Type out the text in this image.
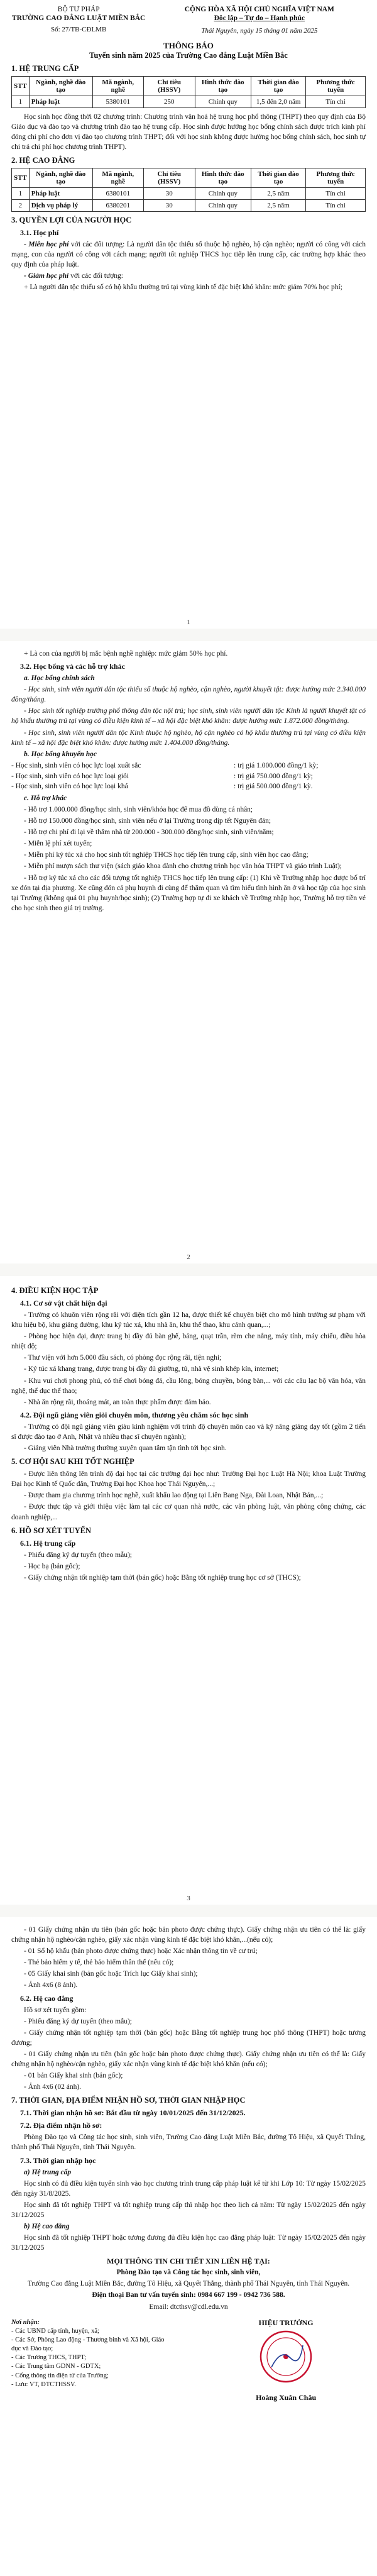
BỘ TƯ PHÁP
TRƯỜNG CAO ĐẲNG LUẬT MIỀN BẮC
Số: 27/TB-CĐLMB
CỘNG HÒA XÃ HỘI CHỦ NGHĨA VIỆT NAM
Độc lập – Tự do – Hạnh phúc
Thái Nguyên, ngày 15 tháng 01 năm 2025
THÔNG BÁO
Tuyển sinh năm 2025 của Trường Cao đẳng Luật Miền Bắc
1. HỆ TRUNG CẤP
STT	Ngành, nghề đào tạo	Mã ngành, nghề	Chỉ tiêu (HSSV)	Hình thức đào tạo	Thời gian đào tạo	Phương thức tuyển
1	Pháp luật	5380101	250	Chính quy	1,5 đến 2,0 năm	Tín chỉ

Học sinh học đồng thời 02 chương trình: Chương trình văn hoá hệ trung học phổ thông (THPT) theo quy định của Bộ Giáo dục và đào tạo và chương trình đào tạo hệ trung cấp. Học sinh được hưởng học bổng chính sách được trích kinh phí đóng chi phí cho đơn vị đào tạo chương trình THPT; đối với học sinh không được hưởng học bổng chính sách, học sinh tự chi trả chi phí học chương trình THPT).

2. HỆ CAO ĐẲNG
STT	Ngành, nghề đào tạo	Mã ngành, nghề	Chỉ tiêu (HSSV)	Hình thức đào tạo	Thời gian đào tạo	Phương thức tuyển
1	Pháp luật	6380101	30	Chính quy	2,5 năm	Tín chỉ
2	Dịch vụ pháp lý	6380201	30	Chính quy	2,5 năm	Tín chỉ
3. QUYỀN LỢI CỦA NGƯỜI HỌC
3.1. Học phí

- Miễn học phí với các đối tượng: Là người dân tộc thiểu số thuộc hộ nghèo, hộ cận nghèo; người có công với cách mạng, con của người có công với cách mạng; người tốt nghiệp THCS học tiếp lên trung cấp, các trường hợp khác theo quy định của pháp luật.

- Giảm học phí với các đối tượng:

+ Là người dân tộc thiểu số có hộ khẩu thường trú tại vùng kinh tế đặc biệt khó khăn: mức giảm 70% học phí;

1

+ Là con của người bị mắc bệnh nghề nghiệp: mức giảm 50% học phí.

3.2. Học bổng và các hỗ trợ khác

a. Học bổng chính sách

- Học sinh, sinh viên người dân tộc thiểu số thuộc hộ nghèo, cận nghèo, người khuyết tật: được hưởng mức 2.340.000 đồng/tháng.

- Học sinh tốt nghiệp trường phổ thông dân tộc nội trú; học sinh, sinh viên người dân tộc Kinh là người khuyết tật có hộ khẩu thường trú tại vùng có điều kiện kinh tế – xã hội đặc biệt khó khăn: được hưởng mức 1.872.000 đồng/tháng.

- Học sinh, sinh viên người dân tộc Kinh thuộc hộ nghèo, hộ cận nghèo có hộ khẩu thường trú tại vùng có điều kiện kinh tế – xã hội đặc biệt khó khăn: được hưởng mức 1.404.000 đồng/tháng.

b. Học bổng khuyến học

- Học sinh, sinh viên có học lực loại xuất sắc	: trị giá 1.000.000 đồng/1 kỳ;
- Học sinh, sinh viên có học lực loại giỏi	: trị giá 750.000 đồng/1 kỳ;
- Học sinh, sinh viên có học lực loại khá	: trị giá 500.000 đồng/1 kỳ.

c. Hỗ trợ khác

- Hỗ trợ 1.000.000 đồng/học sinh, sinh viên/khóa học để mua đồ dùng cá nhân;

- Hỗ trợ 150.000 đồng/học sinh, sinh viên nếu ở lại Trường trong dịp tết Nguyên đán;

- Hỗ trợ chi phí đi lại về thăm nhà từ 200.000 - 300.000 đồng/học sinh, sinh viên/năm;

- Miễn lệ phí xét tuyển;

- Miễn phí ký túc xá cho học sinh tốt nghiệp THCS học tiếp lên trung cấp, sinh viên học cao đẳng;

- Miễn phí mượn sách thư viện (sách giáo khoa dành cho chương trình học văn hóa THPT và giáo trình Luật);

- Hỗ trợ ký túc xá cho các đối tượng tốt nghiệp THCS học tiếp lên trung cấp: (1) Khi về Trường nhập học được bố trí xe đón tại địa phương. Xe cũng đón cả phụ huynh đi cùng để thăm quan và tìm hiểu tình hình ăn ở và học tập của học sinh tại Trường (không quá 01 phụ huynh/học sinh); (2) Trường hợp tự đi xe khách về Trường nhập học, Trường hỗ trợ tiền vé cho học sinh theo giá trị trường.

2
4. ĐIỀU KIỆN HỌC TẬP
4.1. Cơ sở vật chất hiện đại

- Trường có khuôn viên rộng rãi với diện tích gần 12 ha, được thiết kế chuyên biệt cho mô hình trường sư phạm với khu hiệu bộ, khu giảng đường, khu ký túc xá, khu nhà ăn, khu thể thao, khu cảnh quan,...;

- Phòng học hiện đại, được trang bị đầy đủ bàn ghế, bảng, quạt trần, rèm che nắng, máy tính, máy chiếu, điều hòa nhiệt độ;

- Thư viện với hơn 5.000 đầu sách, có phòng đọc rộng rãi, tiện nghi;

- Ký túc xá khang trang, được trang bị đầy đủ giường, tủ, nhà vệ sinh khép kín, internet;

- Khu vui chơi phong phú, có thể chơi bóng đá, cầu lông, bóng chuyền, bóng bàn,... với các câu lạc bộ văn hóa, văn nghệ, thể dục thể thao;

- Nhà ăn rộng rãi, thoáng mát, an toàn thực phẩm được đảm bảo.

4.2. Đội ngũ giảng viên giỏi chuyên môn, thương yêu chăm sóc học sinh

- Trường có đội ngũ giảng viên giàu kinh nghiệm với trình độ chuyên môn cao và kỹ năng giảng dạy tốt (gồm 2 tiến sĩ được đào tạo ở Anh, Nhật và nhiều thạc sĩ chuyên ngành);

- Giảng viên Nhà trường thường xuyên quan tâm tận tình tới học sinh.

5. CƠ HỘI SAU KHI TỐT NGHIỆP

- Được liên thông lên trình độ đại học tại các trường đại học như: Trường Đại học Luật Hà Nội; khoa Luật Trường Đại học Kinh tế Quốc dân, Trường Đại học Khoa học Thái Nguyên,...;

- Được tham gia chương trình học nghề, xuất khẩu lao động tại Liên Bang Nga, Đài Loan, Nhật Bản,...;

- Được thực tập và giới thiệu việc làm tại các cơ quan nhà nước, các văn phòng luật, văn phòng công chứng, các doanh nghiệp,...

6. HỒ SƠ XÉT TUYỂN
6.1. Hệ trung cấp

- Phiếu đăng ký dự tuyển (theo mẫu);

- Học bạ (bản gốc);

- Giấy chứng nhận tốt nghiệp tạm thời (bản gốc) hoặc Bằng tốt nghiệp trung học cơ sở (THCS);

3

- 01 Giấy chứng nhận ưu tiên (bản gốc hoặc bản photo được chứng thực). Giấy chứng nhận ưu tiên có thể là: giấy chứng nhận hộ nghèo/cận nghèo, giấy xác nhận vùng kinh tế đặc biệt khó khăn,...(nếu có);

- 01 Sổ hộ khẩu (bản photo được chứng thực) hoặc Xác nhận thông tin về cư trú;

- Thẻ bảo hiểm y tế, thẻ bảo hiểm thân thể (nếu có);

- 05 Giấy khai sinh (bản gốc hoặc Trích lục Giấy khai sinh);

- Ảnh 4x6 (8 ảnh).

6.2. Hệ cao đẳng

Hồ sơ xét tuyển gồm:

- Phiếu đăng ký dự tuyển (theo mẫu);

- Giấy chứng nhận tốt nghiệp tạm thời (bản gốc) hoặc Bằng tốt nghiệp trung học phổ thông (THPT) hoặc tương đương;

- 01 Giấy chứng nhận ưu tiên (bản gốc hoặc bản photo được chứng thực). Giấy chứng nhận ưu tiên có thể là: Giấy chứng nhận hộ nghèo/cận nghèo, giấy xác nhận vùng kinh tế đặc biệt khó khăn (nếu có);

- 01 bản Giấy khai sinh (bản gốc);

- Ảnh 4x6 (02 ảnh).

7. THỜI GIAN, ĐỊA ĐIỂM NHẬN HỒ SƠ, THỜI GIAN NHẬP HỌC
7.1. Thời gian nhận hồ sơ: Bắt đầu từ ngày 10/01/2025 đến 31/12/2025.
7.2. Địa điểm nhận hồ sơ:

Phòng Đào tạo và Công tác học sinh, sinh viên, Trường Cao đẳng Luật Miền Bắc, đường Tô Hiệu, xã Quyết Thắng, thành phố Thái Nguyên, tỉnh Thái Nguyên.

7.3. Thời gian nhập học

a) Hệ trung cấp

Học sinh có đủ điều kiện tuyển sinh vào học chương trình trung cấp pháp luật kể từ khi Lớp 10: Từ ngày 15/02/2025 đến ngày 31/8/2025.

Học sinh đã tốt nghiệp THPT và tốt nghiệp trung cấp thì nhập học theo lịch cả năm: Từ ngày 15/02/2025 đến ngày 31/12/2025

b) Hệ cao đẳng

Học sinh đã tốt nghiệp THPT hoặc tương đương đủ điều kiện học cao đẳng pháp luật: Từ ngày 15/02/2025 đến ngày 31/12/2025

MỌI THÔNG TIN CHI TIẾT XIN LIÊN HỆ TẠI:

Phòng Đào tạo và Công tác học sinh, sinh viên,

Trường Cao đẳng Luật Miền Bắc, đường Tô Hiệu, xã Quyết Thắng, thành phố Thái Nguyên, tỉnh Thái Nguyên.

Điện thoại Ban tư vấn tuyển sinh: 0984 667 199 - 0942 736 588.

Email: dtcthsv@cdl.edu.vn

Nơi nhận:
- Các UBND cấp tỉnh, huyện, xã;
- Các Sở, Phòng Lao động - Thương binh và Xã hội, Giáo dục và Đào tạo;
- Các Trường THCS, THPT;
- Các Trung tâm GDNN - GDTX;
- Cổng thông tin điện tử của Trường;
- Lưu: VT, ĐTCTHSSV.
HIỆU TRƯỞNG
Hoàng Xuân Châu
